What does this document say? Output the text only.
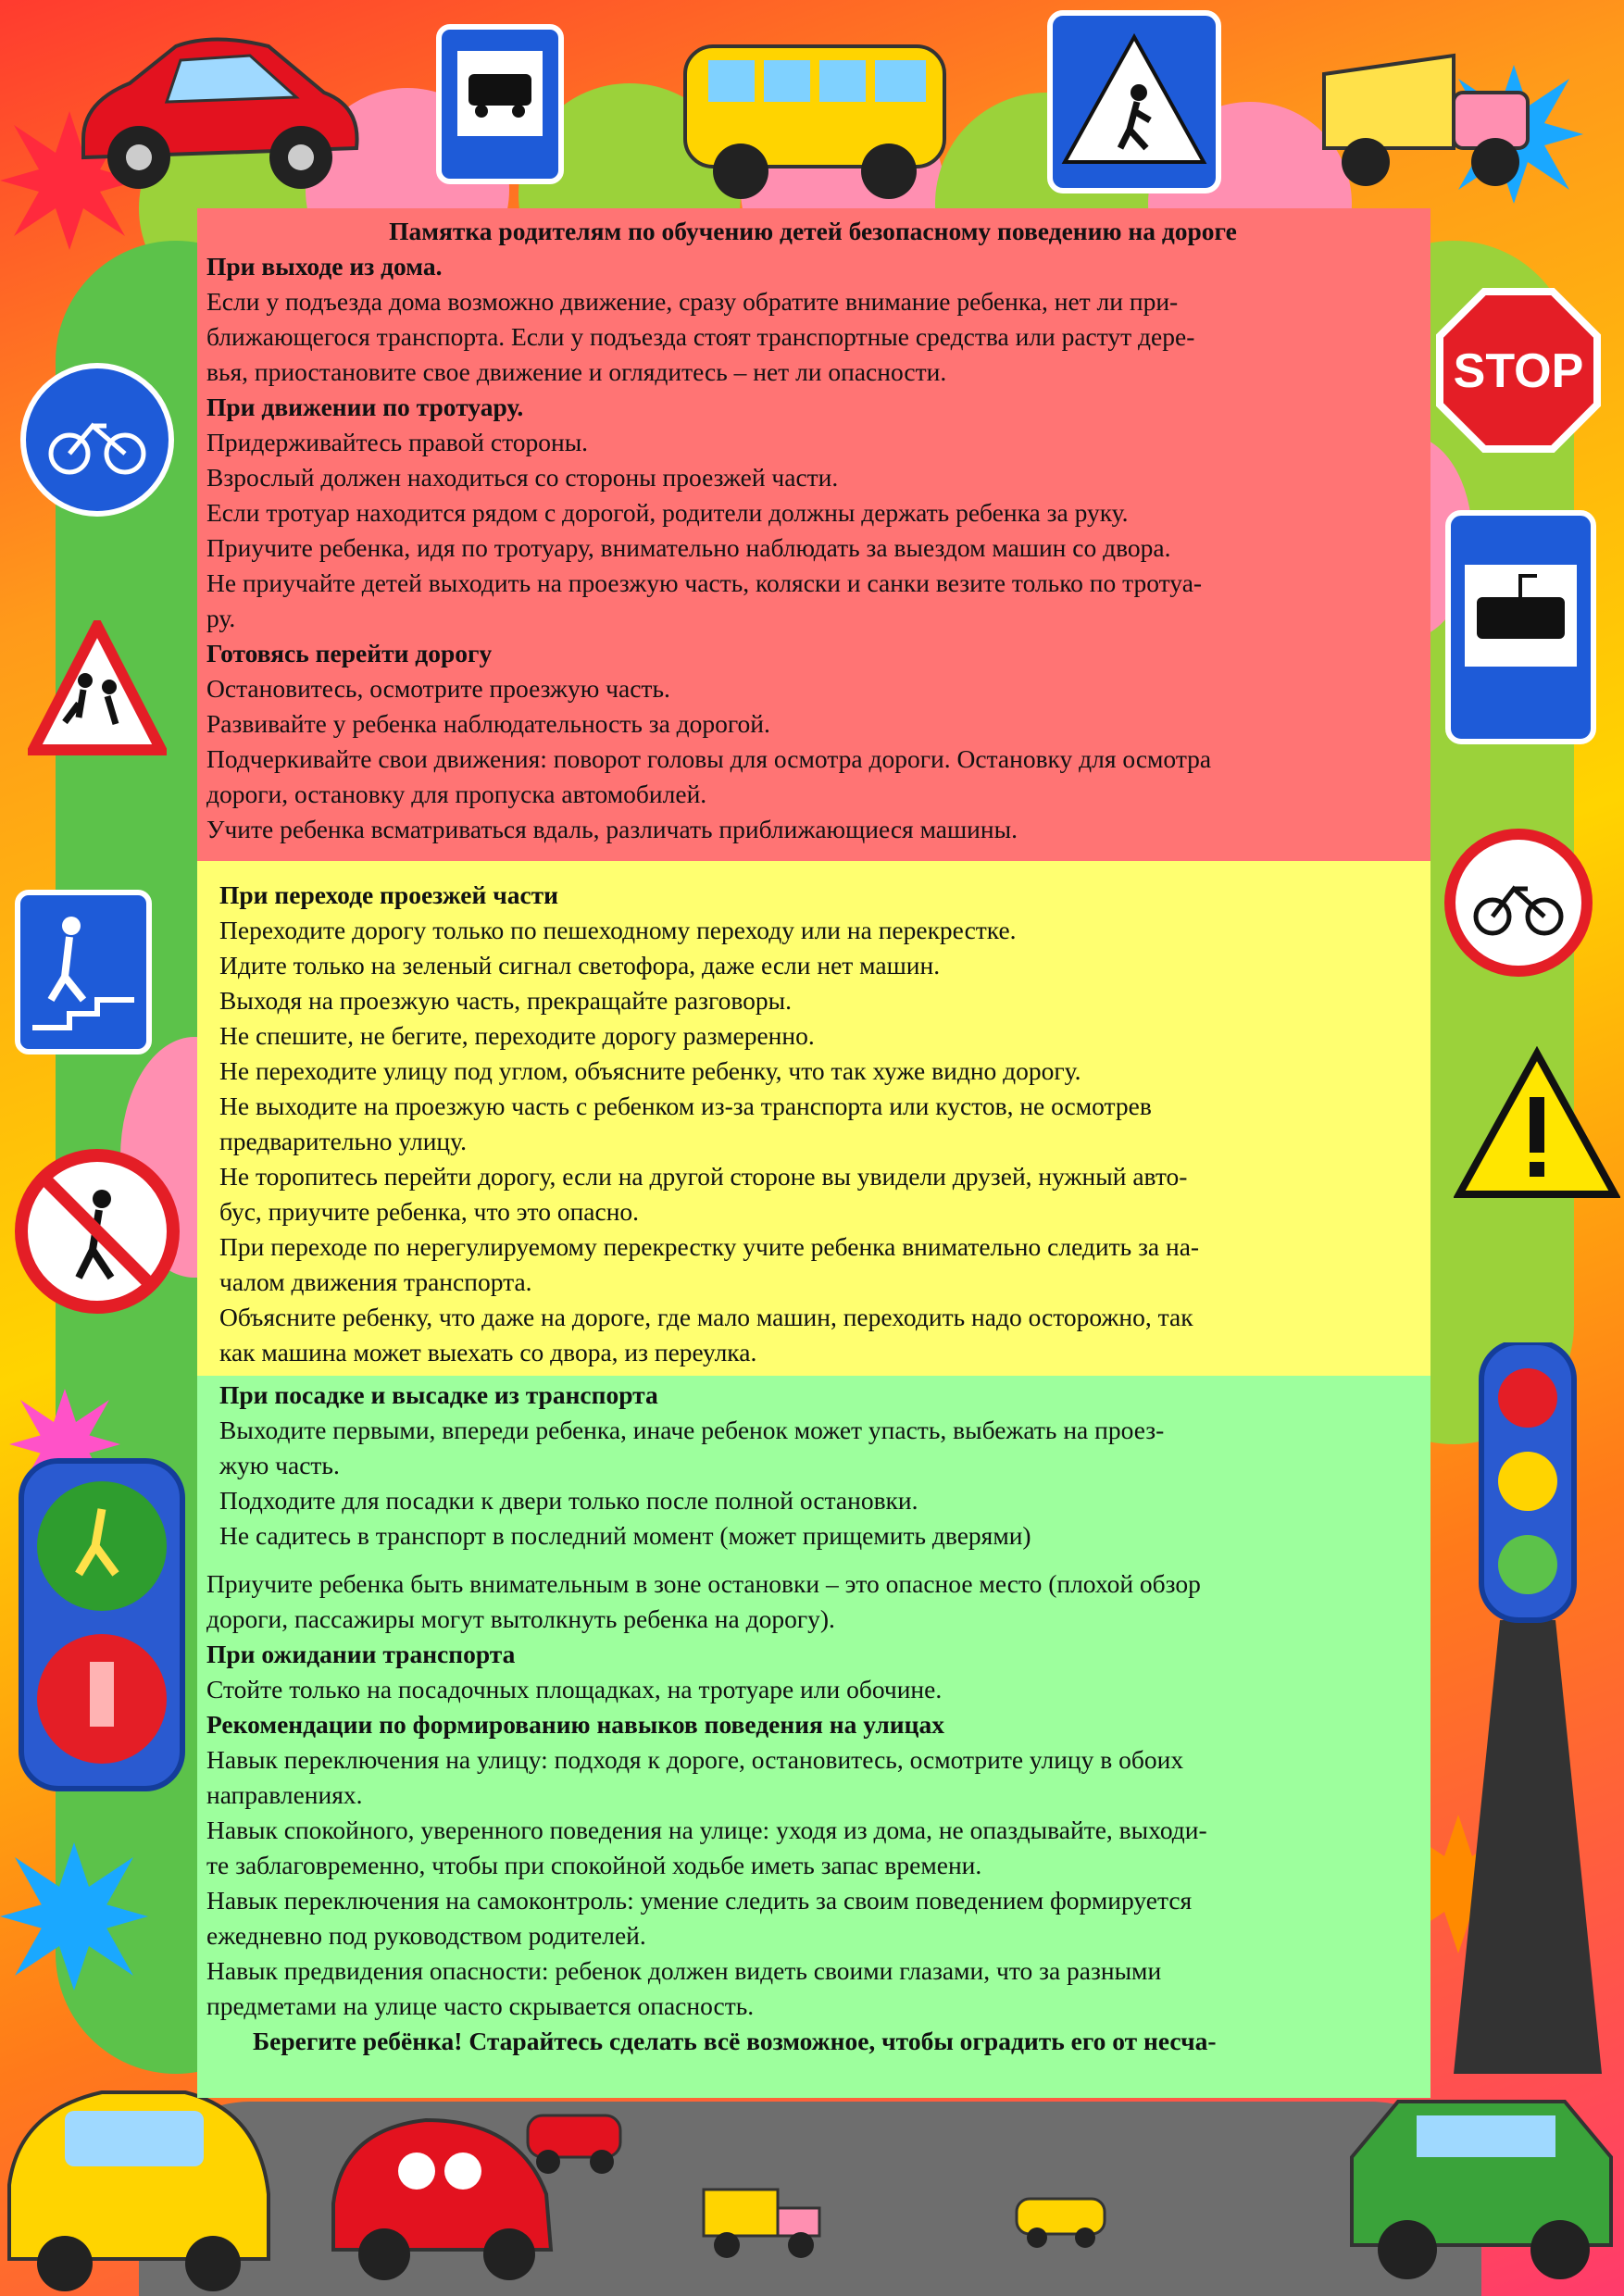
STOP
Памятка родителям по обучению детей безопасному поведению на дороге
При выходе из дома.
Если у подъезда дома возможно движение, сразу обратите внимание ребенка, нет ли при-
ближающегося транспорта. Если у подъезда стоят транспортные средства или растут дере-
вья, приостановите свое движение и оглядитесь – нет ли опасности.
При движении по тротуару.
Придерживайтесь правой стороны.
Взрослый должен находиться со стороны проезжей части.
Если тротуар находится рядом с дорогой, родители должны держать ребенка за руку.
Приучите ребенка, идя по тротуару, внимательно наблюдать за выездом машин со двора.
Не приучайте детей выходить на проезжую часть, коляски и санки везите только по тротуа-
ру.
Готовясь перейти дорогу
Остановитесь, осмотрите проезжую часть.
Развивайте у ребенка наблюдательность за дорогой.
Подчеркивайте свои движения: поворот головы для осмотра дороги. Остановку для осмотра
дороги, остановку для пропуска автомобилей.
Учите ребенка всматриваться вдаль, различать приближающиеся машины.
При переходе проезжей части
Переходите дорогу только по пешеходному переходу или на перекрестке.
Идите только на зеленый сигнал светофора, даже если нет машин.
Выходя на проезжую часть, прекращайте разговоры.
Не спешите, не бегите, переходите дорогу размеренно.
Не переходите улицу под углом, объясните ребенку, что так хуже видно дорогу.
Не выходите на проезжую часть с ребенком из-за транспорта или кустов, не осмотрев
предварительно улицу.
Не торопитесь перейти дорогу, если на другой стороне вы увидели друзей, нужный авто-
бус, приучите ребенка, что это опасно.
При переходе по нерегулируемому перекрестку учите ребенка внимательно следить за на-
чалом движения транспорта.
Объясните ребенку, что даже на дороге, где мало машин, переходить надо осторожно, так
как машина может выехать со двора, из переулка.
При посадке и высадке из транспорта
Выходите первыми, впереди ребенка, иначе ребенок может упасть, выбежать на проез-
жую часть.
Подходите для посадки к двери только после полной остановки.
Не садитесь в транспорт в последний момент (может прищемить дверями)
Приучите ребенка быть внимательным в зоне остановки – это опасное место (плохой обзор
дороги, пассажиры могут вытолкнуть ребенка на дорогу).
При ожидании транспорта
Стойте только на посадочных площадках, на тротуаре или обочине.
Рекомендации по формированию навыков поведения на улицах
Навык переключения на улицу: подходя к дороге, остановитесь, осмотрите улицу в обоих
направлениях.
Навык спокойного, уверенного поведения на улице: уходя из дома, не опаздывайте, выходи-
те заблаговременно, чтобы при спокойной ходьбе иметь запас времени.
Навык переключения на самоконтроль: умение следить за своим поведением формируется
ежедневно под руководством родителей.
Навык предвидения опасности: ребенок должен видеть своими глазами, что за разными
предметами на улице часто скрывается опасность.
Берегите ребёнка! Старайтесь сделать всё возможное, чтобы оградить его от несча-
